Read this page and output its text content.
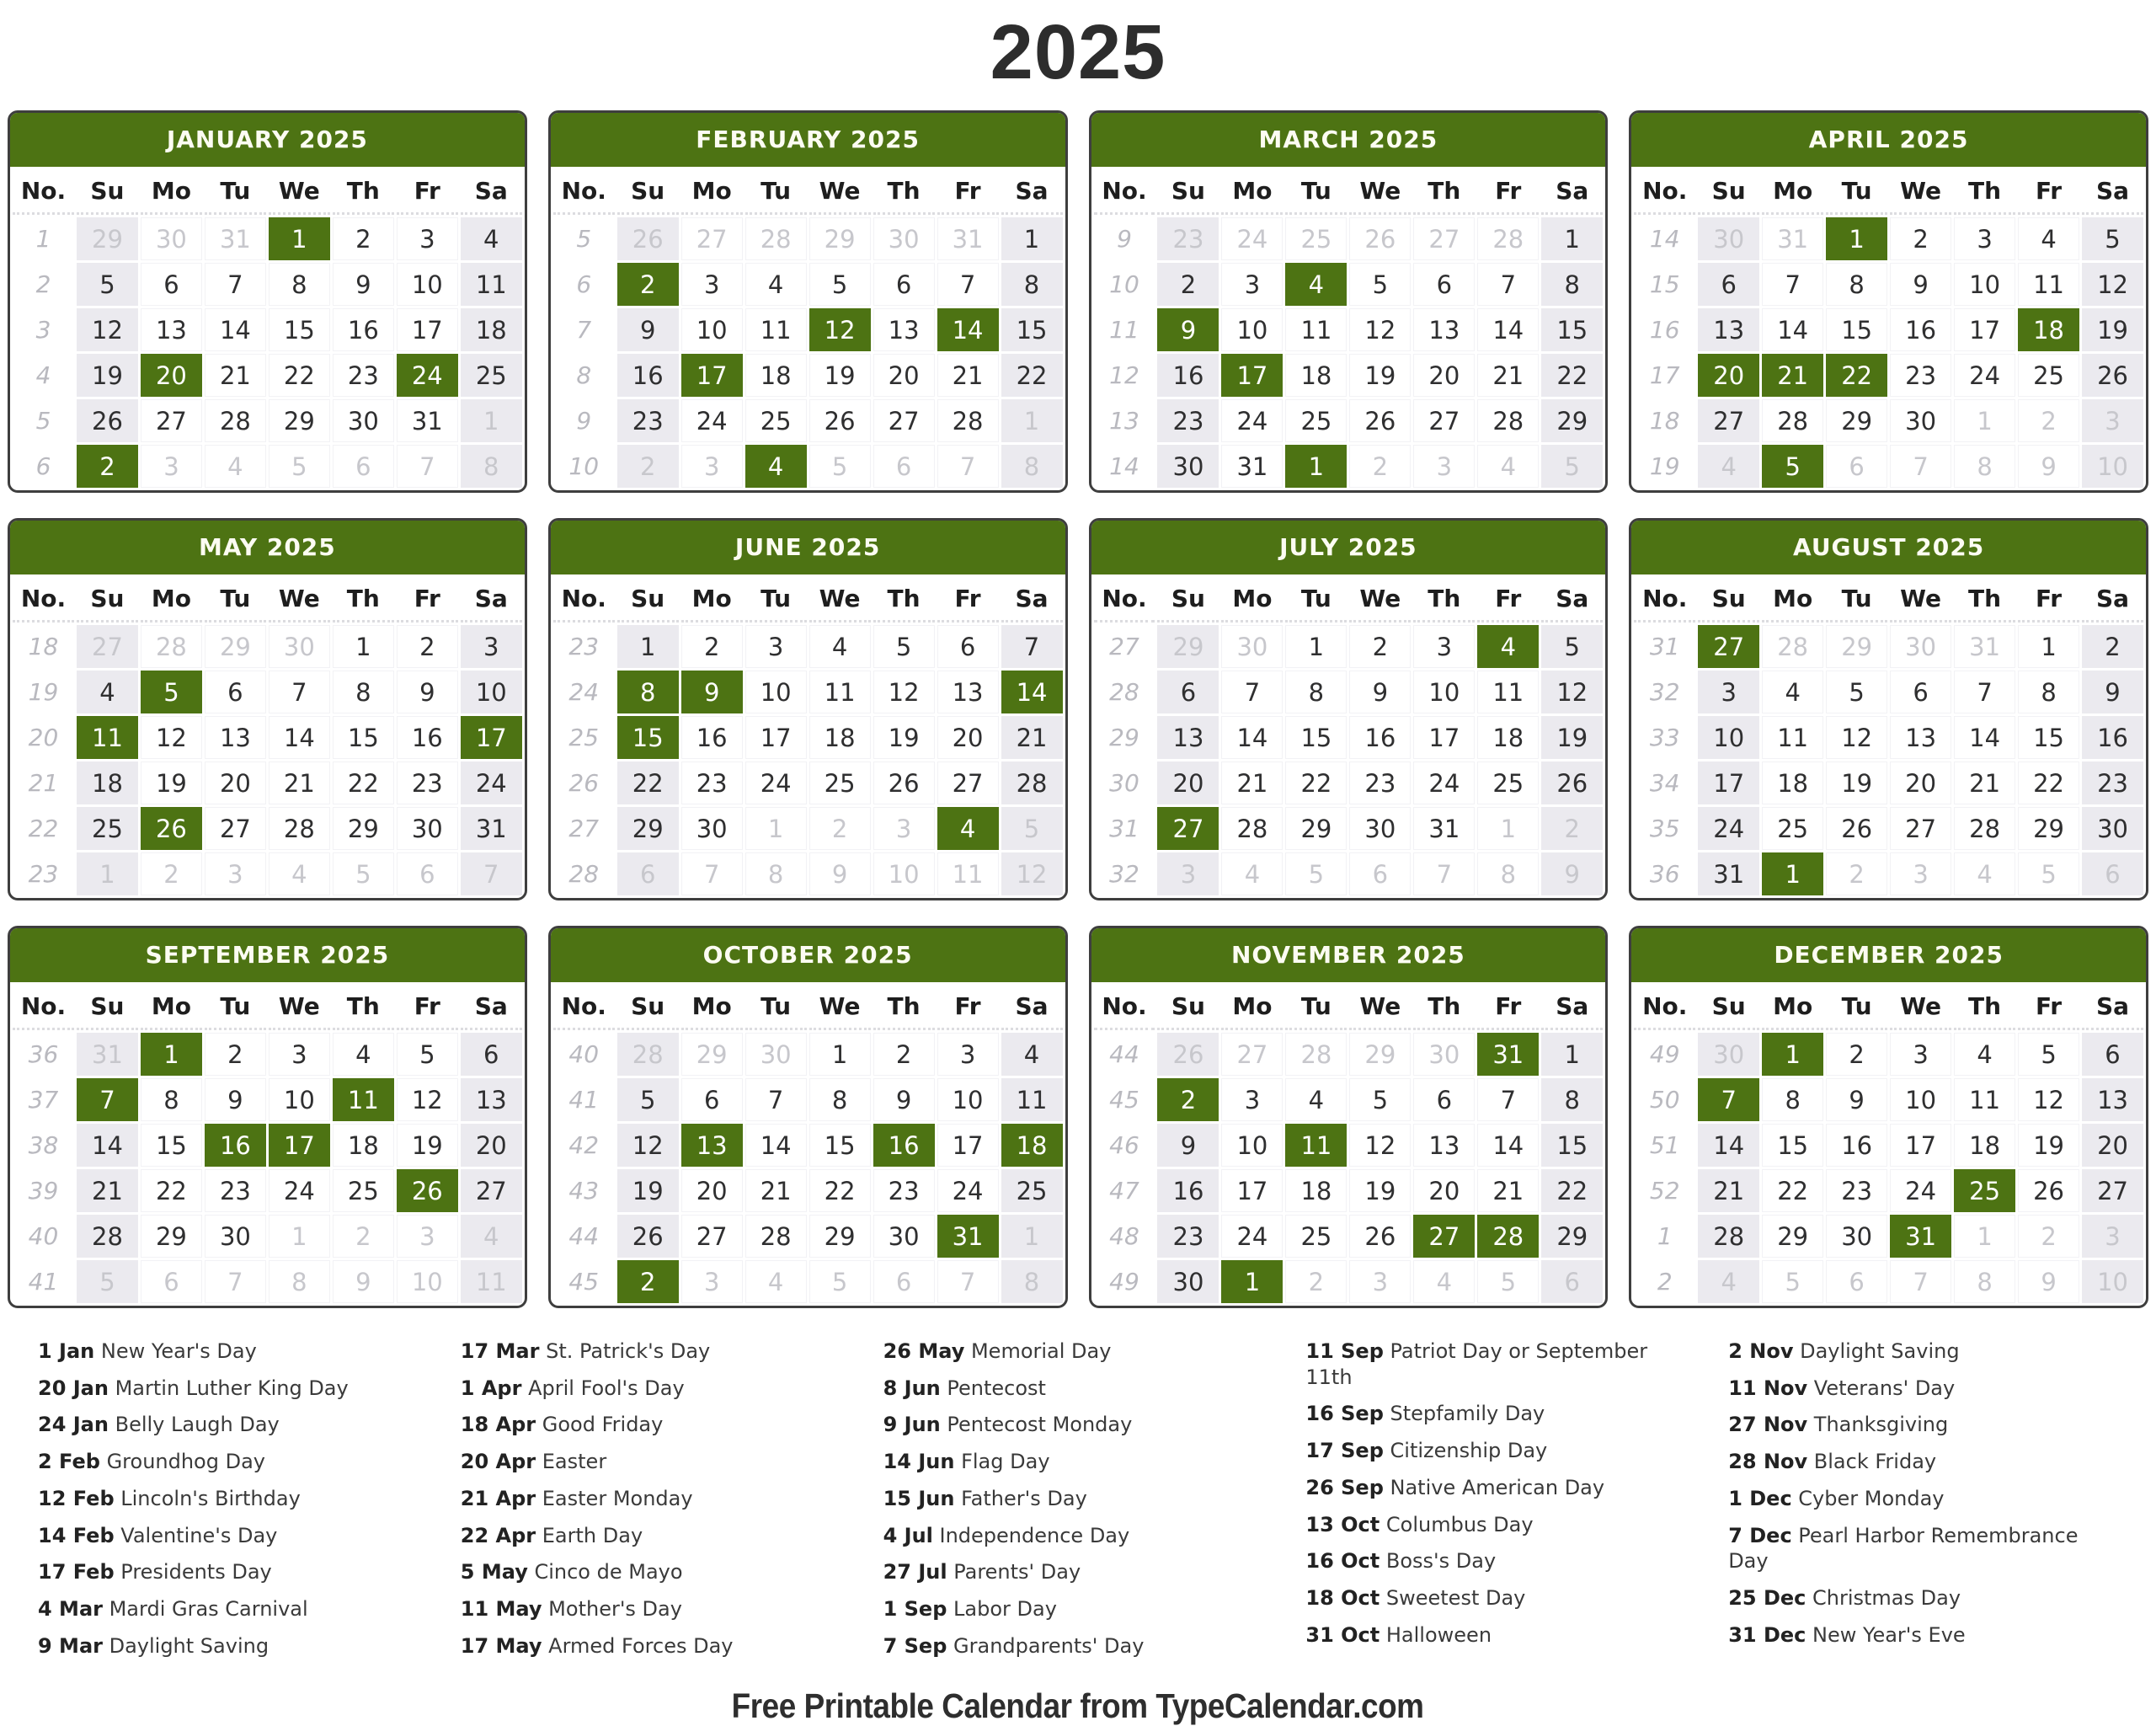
2025
JANUARY 2025
No.	Su	Mo	Tu	We	Th	Fr	Sa
1	29	30	31	1	2	3	4
2	5	6	7	8	9	10	11
3	12	13	14	15	16	17	18
4	19	20	21	22	23	24	25
5	26	27	28	29	30	31	1
6	2	3	4	5	6	7	8
FEBRUARY 2025
No.	Su	Mo	Tu	We	Th	Fr	Sa
5	26	27	28	29	30	31	1
6	2	3	4	5	6	7	8
7	9	10	11	12	13	14	15
8	16	17	18	19	20	21	22
9	23	24	25	26	27	28	1
10	2	3	4	5	6	7	8
MARCH 2025
No.	Su	Mo	Tu	We	Th	Fr	Sa
9	23	24	25	26	27	28	1
10	2	3	4	5	6	7	8
11	9	10	11	12	13	14	15
12	16	17	18	19	20	21	22
13	23	24	25	26	27	28	29
14	30	31	1	2	3	4	5
APRIL 2025
No.	Su	Mo	Tu	We	Th	Fr	Sa
14	30	31	1	2	3	4	5
15	6	7	8	9	10	11	12
16	13	14	15	16	17	18	19
17	20	21	22	23	24	25	26
18	27	28	29	30	1	2	3
19	4	5	6	7	8	9	10
MAY 2025
No.	Su	Mo	Tu	We	Th	Fr	Sa
18	27	28	29	30	1	2	3
19	4	5	6	7	8	9	10
20	11	12	13	14	15	16	17
21	18	19	20	21	22	23	24
22	25	26	27	28	29	30	31
23	1	2	3	4	5	6	7
JUNE 2025
No.	Su	Mo	Tu	We	Th	Fr	Sa
23	1	2	3	4	5	6	7
24	8	9	10	11	12	13	14
25	15	16	17	18	19	20	21
26	22	23	24	25	26	27	28
27	29	30	1	2	3	4	5
28	6	7	8	9	10	11	12
JULY 2025
No.	Su	Mo	Tu	We	Th	Fr	Sa
27	29	30	1	2	3	4	5
28	6	7	8	9	10	11	12
29	13	14	15	16	17	18	19
30	20	21	22	23	24	25	26
31	27	28	29	30	31	1	2
32	3	4	5	6	7	8	9
AUGUST 2025
No.	Su	Mo	Tu	We	Th	Fr	Sa
31	27	28	29	30	31	1	2
32	3	4	5	6	7	8	9
33	10	11	12	13	14	15	16
34	17	18	19	20	21	22	23
35	24	25	26	27	28	29	30
36	31	1	2	3	4	5	6
SEPTEMBER 2025
No.	Su	Mo	Tu	We	Th	Fr	Sa
36	31	1	2	3	4	5	6
37	7	8	9	10	11	12	13
38	14	15	16	17	18	19	20
39	21	22	23	24	25	26	27
40	28	29	30	1	2	3	4
41	5	6	7	8	9	10	11
OCTOBER 2025
No.	Su	Mo	Tu	We	Th	Fr	Sa
40	28	29	30	1	2	3	4
41	5	6	7	8	9	10	11
42	12	13	14	15	16	17	18
43	19	20	21	22	23	24	25
44	26	27	28	29	30	31	1
45	2	3	4	5	6	7	8
NOVEMBER 2025
No.	Su	Mo	Tu	We	Th	Fr	Sa
44	26	27	28	29	30	31	1
45	2	3	4	5	6	7	8
46	9	10	11	12	13	14	15
47	16	17	18	19	20	21	22
48	23	24	25	26	27	28	29
49	30	1	2	3	4	5	6
DECEMBER 2025
No.	Su	Mo	Tu	We	Th	Fr	Sa
49	30	1	2	3	4	5	6
50	7	8	9	10	11	12	13
51	14	15	16	17	18	19	20
52	21	22	23	24	25	26	27
1	28	29	30	31	1	2	3
2	4	5	6	7	8	9	10

1 Jan New Year's Day

20 Jan Martin Luther King Day

24 Jan Belly Laugh Day

2 Feb Groundhog Day

12 Feb Lincoln's Birthday

14 Feb Valentine's Day

17 Feb Presidents Day

4 Mar Mardi Gras Carnival

9 Mar Daylight Saving

17 Mar St. Patrick's Day

1 Apr April Fool's Day

18 Apr Good Friday

20 Apr Easter

21 Apr Easter Monday

22 Apr Earth Day

5 May Cinco de Mayo

11 May Mother's Day

17 May Armed Forces Day

26 May Memorial Day

8 Jun Pentecost

9 Jun Pentecost Monday

14 Jun Flag Day

15 Jun Father's Day

4 Jul Independence Day

27 Jul Parents' Day

1 Sep Labor Day

7 Sep Grandparents' Day

11 Sep Patriot Day or September 11th

16 Sep Stepfamily Day

17 Sep Citizenship Day

26 Sep Native American Day

13 Oct Columbus Day

16 Oct Boss's Day

18 Oct Sweetest Day

31 Oct Halloween

2 Nov Daylight Saving

11 Nov Veterans' Day

27 Nov Thanksgiving

28 Nov Black Friday

1 Dec Cyber Monday

7 Dec Pearl Harbor Remembrance Day

25 Dec Christmas Day

31 Dec New Year's Eve

Free Printable Calendar from TypeCalendar.com
